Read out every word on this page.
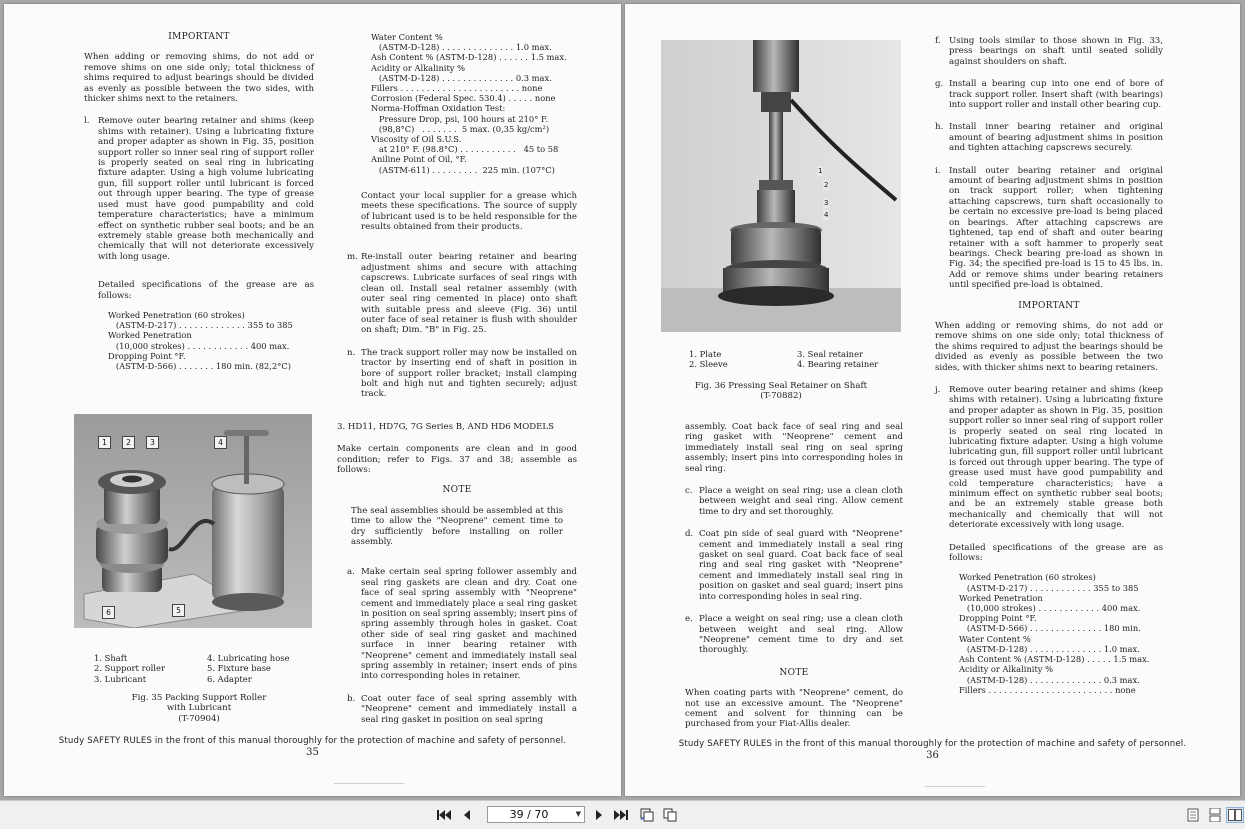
IMPORTANT

When adding or removing shims, do not add or remove shims on one side only; total thickness of shims required to adjust bearings should be divided as evenly as possible between the two sides, with thicker shims next to the retainers.

l. Remove outer bearing retainer and shims (keep shims with retainer). Using a lubricating fixture and proper adapter as shown in Fig. 35, position support roller so inner seal ring of support roller is properly seated on seal ring in lubricating fixture adapter. Using a high volume lubricating gun, fill support roller until lubricant is forced out through upper bearing. The type of grease used must have good pumpability and cold temperature characteristics; have a minimum effect on synthetic rubber seal boots; and be an extremely stable grease both mechanically and chemically that will not deteriorate excessively with long usage.

Detailed specifications of the grease are as follows:

Worked Penetration (60 strokes)
(ASTM-D-217) . . . . . . . . . . . . . 355 to 385
Worked Penetration
(10,000 strokes) . . . . . . . . . . . . 400 max.
Dropping Point °F.
(ASTM-D-566) . . . . . . . 180 min. (82,2°C)
1	2	3	4
5
6
1. Shaft	4. Lubricating hose
2. Support roller	5. Fixture base
3. Lubricant	6. Adapter
Fig. 35 Packing Support Roller
with Lubricant
(T-70904)
Water Content %
(ASTM-D-128) . . . . . . . . . . . . . . 1.0 max.
Ash Content % (ASTM-D-128) . . . . . . 1.5 max.
Acidity or Alkalinity %
(ASTM-D-128) . . . . . . . . . . . . . . 0.3 max.
Fillers . . . . . . . . . . . . . . . . . . . . . . . none
Corrosion (Federal Spec. 530.4) . . . . . none
Norma-Hoffman Oxidation Test:
Pressure Drop, psi, 100 hours at 210° F.
(98,8°C)   . . . . . . .  5 max. (0,35 kg/cm²)
Viscosity of Oil S.U.S.
at 210° F. (98.8°C) . . . . . . . . . . .   45 to 58
Aniline Point of Oil, °F.
(ASTM-611) . . . . . . . . .  225 min. (107°C)

Contact your local supplier for a grease which meets these specifications. The source of supply of lubricant used is to be held responsible for the results obtained from their products.

m. Re-install outer bearing retainer and bearing adjustment shims and secure with attaching capscrews. Lubricate surfaces of seal rings with clean oil. Install seal retainer assembly (with outer seal ring cemented in place) onto shaft with suitable press and sleeve (Fig. 36) until outer face of seal retainer is flush with shoulder on shaft; Dim. "B" in Fig. 25.

n. The track support roller may now be installed on tractor by inserting end of shaft in position in bore of support roller bracket; install clamping bolt and high nut and tighten securely; adjust track.

3. HD11, HD7G, 7G Series B, AND HD6 MODELS

Make certain components are clean and in good condition; refer to Figs. 37 and 38; assemble as follows:

NOTE

The seal assemblies should be assembled at this time to allow the "Neoprene" cement time to dry sufficiently before installing on roller assembly.

a. Make certain seal spring follower assembly and seal ring gaskets are clean and dry. Coat one face of seal spring assembly with "Neoprene" cement and immediately place a seal ring gasket in position on seal spring assembly; insert pins of spring assembly through holes in gasket. Coat other side of seal ring gasket and machined surface in inner bearing retainer with "Neoprene" cement and immediately install seal spring assembly in retainer; insert ends of pins into corresponding holes in retainer.

b. Coat outer face of seal spring assembly with "Neoprene" cement and immediately install a seal ring gasket in position on seal spring

Study SAFETY RULES in the front of this manual thoroughly for the protection of machine and safety of personnel.
35
1
2
3
4
1. Plate	3. Seal retainer
2. Sleeve	4. Bearing retainer
Fig. 36 Pressing Seal Retainer on Shaft
(T-70882)

assembly. Coat back face of seal ring and seal ring gasket with "Neoprene" cement and immediately install seal ring on seal spring assembly; insert pins into corresponding holes in seal ring.

c. Place a weight on seal ring; use a clean cloth between weight and seal ring. Allow cement time to dry and set thoroughly.

d. Coat pin side of seal guard with "Neoprene" cement and immediately install a seal ring gasket on seal guard. Coat back face of seal ring and seal ring gasket with "Neoprene" cement and immediately install seal ring in position on gasket and seal guard; insert pins into corresponding holes in seal ring.

e. Place a weight on seal ring; use a clean cloth between weight and seal ring. Allow "Neoprene" cement time to dry and set thoroughly.

NOTE

When coating parts with "Neoprene" cement, do not use an excessive amount. The "Neoprene" cement and solvent for thinning can be purchased from your Fiat-Allis dealer.

f. Using tools similar to those shown in Fig. 33, press bearings on shaft until seated solidly against shoulders on shaft.

g. Install a bearing cup into one end of bore of track support roller. Insert shaft (with bearings) into support roller and install other bearing cup.

h. Install inner bearing retainer and original amount of bearing adjustment shims in position and tighten attaching capscrews securely.

i. Install outer bearing retainer and original amount of bearing adjustment shims in position on track support roller; when tightening attaching capscrews, turn shaft occasionally to be certain no excessive pre-load is being placed on bearings. After attaching capscrews are tightened, tap end of shaft and outer bearing retainer with a soft hammer to properly seat bearings. Check bearing pre-load as shown in Fig. 34; the specified pre-load is 15 to 45 lbs. in. Add or remove shims under bearing retainers until specified pre-load is obtained.

IMPORTANT

When adding or removing shims, do not add or remove shims on one side only; total thickness of the shims required to adjust the bearings should be divided as evenly as possible between the two sides, with thicker shims next to bearing retainers.

j. Remove outer bearing retainer and shims (keep shims with retainer). Using a lubricating fixture and proper adapter as shown in Fig. 35, position support roller so inner seal ring of support roller is properly seated on seal ring located in lubricating fixture adapter. Using a high volume lubricating gun, fill support roller until lubricant is forced out through upper bearing. The type of grease used must have good pumpability and cold temperature characteristics; have a minimum effect on synthetic rubber seal boots; and be an extremely stable grease both mechanically and chemically that will not deteriorate excessively with long usage.

Detailed specifications of the grease are as follows:

Worked Penetration (60 strokes)
(ASTM-D-217) . . . . . . . . . . . . 355 to 385
Worked Penetration
(10,000 strokes) . . . . . . . . . . . . 400 max.
Dropping Point °F.
(ASTM-D-566) . . . . . . . . . . . . . . 180 min.
Water Content %
(ASTM-D-128) . . . . . . . . . . . . . . 1.0 max.
Ash Content % (ASTM-D-128) . . . . . 1.5 max.
Acidity or Alkalinity %
(ASTM-D-128) . . . . . . . . . . . . . . 0.3 max.
Fillers . . . . . . . . . . . . . . . . . . . . . . . . none
Study SAFETY RULES in the front of this manual thoroughly for the protection of machine and safety of personnel.
36
39 / 70	▼
